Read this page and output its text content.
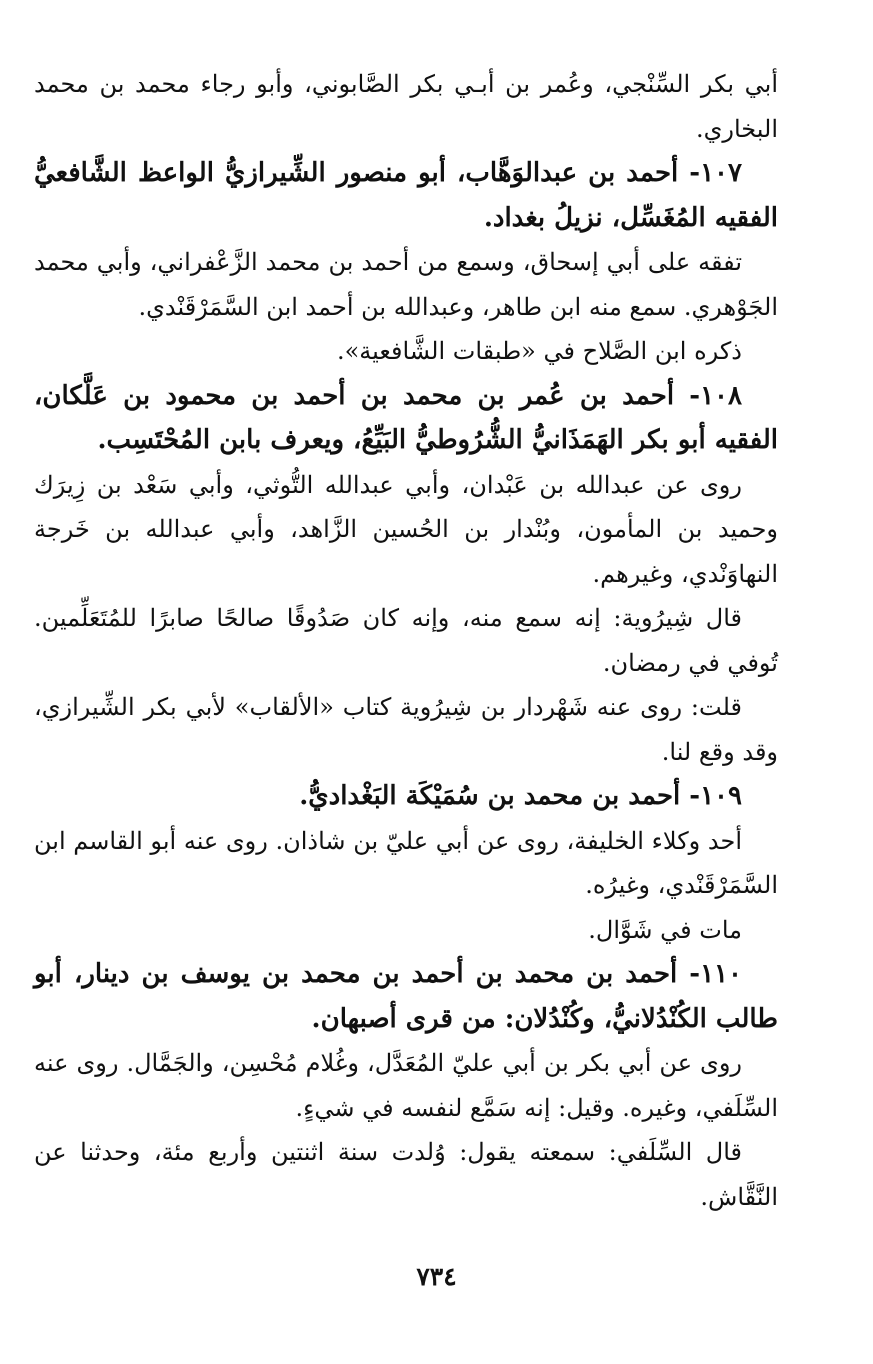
أبي بكر السِّنْجي، وعُمر بن أبـي بكر الصَّابوني، وأبو رجاء محمد بن محمد البخاري.

١٠٧- أحمد بن عبدالوَهَّاب، أبو منصور الشِّيرازيُّ الواعظ الشَّافعيُّ الفقيه المُغَسِّل، نزيلُ بغداد.

تفقه على أبي إسحاق، وسمع من أحمد بن محمد الزَّعْفراني، وأبي محمد الجَوْهري. سمع منه ابن طاهر، وعبدالله بن أحمد ابن السَّمَرْقَنْدي.

ذكره ابن الصَّلاح في «طبقات الشَّافعية».

١٠٨- أحمد بن عُمر بن محمد بن أحمد بن محمود بن عَلَّكان، الفقيه أبو بكر الهَمَذَانيُّ الشُّرُوطيُّ البَيِّعُ، ويعرف بابن المُحْتَسِب.

روى عن عبدالله بن عَبْدان، وأبي عبدالله التُّوثي، وأبي سَعْد بن زِيرَك وحميد بن المأمون، وبُنْدار بن الحُسين الزَّاهد، وأبي عبدالله بن خَرجة النهاوَنْدي، وغيرهم.

قال شِيرُوية: إنه سمع منه، وإنه كان صَدُوقًا صالحًا صابرًا للمُتَعَلِّمين. تُوفي في رمضان.

قلت: روى عنه شَهْردار بن شِيرُوية كتاب «الألقاب» لأبي بكر الشِّيرازي، وقد وقع لنا.

١٠٩- أحمد بن محمد بن سُمَيْكَة البَغْداديُّ.

أحد وكلاء الخليفة، روى عن أبي عليّ بن شاذان. روى عنه أبو القاسم ابن السَّمَرْقَنْدي، وغيرُه.

مات في شَوَّال.

١١٠- أحمد بن محمد بن أحمد بن محمد بن يوسف بن دينار، أبو طالب الكُنْدُلانيُّ، وكُنْدُلان: من قرى أصبهان.

روى عن أبي بكر بن أبي عليّ المُعَدَّل، وغُلام مُحْسِن، والجَمَّال. روى عنه السِّلَفي، وغيره. وقيل: إنه سَمَّع لنفسه في شيءٍ.

قال السِّلَفي: سمعته يقول: وُلدت سنة اثنتين وأربع مئة، وحدثنا عن النَّقَّاش.

٧٣٤
